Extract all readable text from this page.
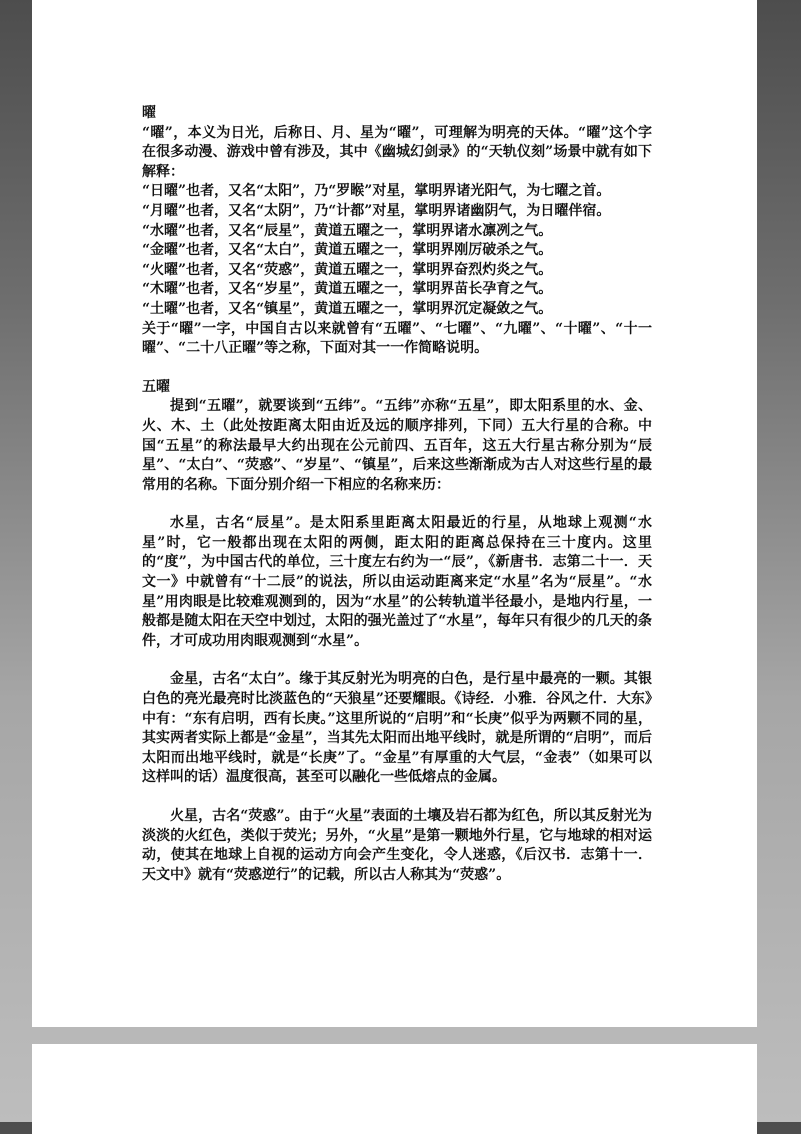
曜

“曜”，本义为日光，后称日、月、星为“曜”，可理解为明亮的天体。“曜”这个字在很多动漫、游戏中曾有涉及，其中《幽城幻剑录》的“天轨仪刻”场景中就有如下解释：

“日曜”也者，又名“太阳”，乃“罗睺”对星，掌明界诸光阳气，为七曜之首。

“月曜”也者，又名“太阴”，乃“计都”对星，掌明界诸幽阴气，为日曜伴宿。

“水曜”也者，又名“辰星”，黄道五曜之一，掌明界诸水凛冽之气。

“金曜”也者，又名“太白”，黄道五曜之一，掌明界刚厉破杀之气。

“火曜”也者，又名“荧惑”，黄道五曜之一，掌明界奋烈灼炎之气。

“木曜”也者，又名“岁星”，黄道五曜之一，掌明界苗长孕育之气。

“土曜”也者，又名“镇星”，黄道五曜之一，掌明界沉定凝敛之气。

关于“曜”一字，中国自古以来就曾有“五曜”、“七曜”、“九曜”、“十曜”、“十一曜”、“二十八正曜”等之称，下面对其一一作简略说明。

五曜

提到“五曜”，就要谈到“五纬”。“五纬”亦称“五星”，即太阳系里的水、金、火、木、土（此处按距离太阳由近及远的顺序排列，下同）五大行星的合称。中国“五星”的称法最早大约出现在公元前四、五百年，这五大行星古称分别为“辰星”、“太白”、“荧惑”、“岁星”、“镇星”，后来这些渐渐成为古人对这些行星的最常用的名称。下面分别介绍一下相应的名称来历：

水星，古名“辰星”。是太阳系里距离太阳最近的行星，从地球上观测“水星”时，它一般都出现在太阳的两侧，距太阳的距离总保持在三十度内。这里的“度”，为中国古代的单位，三十度左右约为一“辰”，《新唐书．志第二十一．天文一》中就曾有“十二辰”的说法，所以由运动距离来定“水星”名为“辰星”。“水星”用肉眼是比较难观测到的，因为“水星”的公转轨道半径最小，是地内行星，一般都是随太阳在天空中划过，太阳的强光盖过了“水星”，每年只有很少的几天的条件，才可成功用肉眼观测到“水星”。

金星，古名“太白”。缘于其反射光为明亮的白色，是行星中最亮的一颗。其银白色的亮光最亮时比淡蓝色的“天狼星”还要耀眼。《诗经．小雅．谷风之什．大东》中有：“东有启明，西有长庚。”这里所说的“启明”和“长庚”似乎为两颗不同的星，其实两者实际上都是“金星”，当其先太阳而出地平线时，就是所谓的“启明”，而后太阳而出地平线时，就是“长庚”了。“金星”有厚重的大气层，“金表”（如果可以这样叫的话）温度很高，甚至可以融化一些低熔点的金属。

火星，古名“荧惑”。由于“火星”表面的土壤及岩石都为红色，所以其反射光为淡淡的火红色，类似于荧光；另外，“火星”是第一颗地外行星，它与地球的相对运动，使其在地球上自视的运动方向会产生变化，令人迷惑，《后汉书．志第十一．天文中》就有“荧惑逆行”的记载，所以古人称其为“荧惑”。
